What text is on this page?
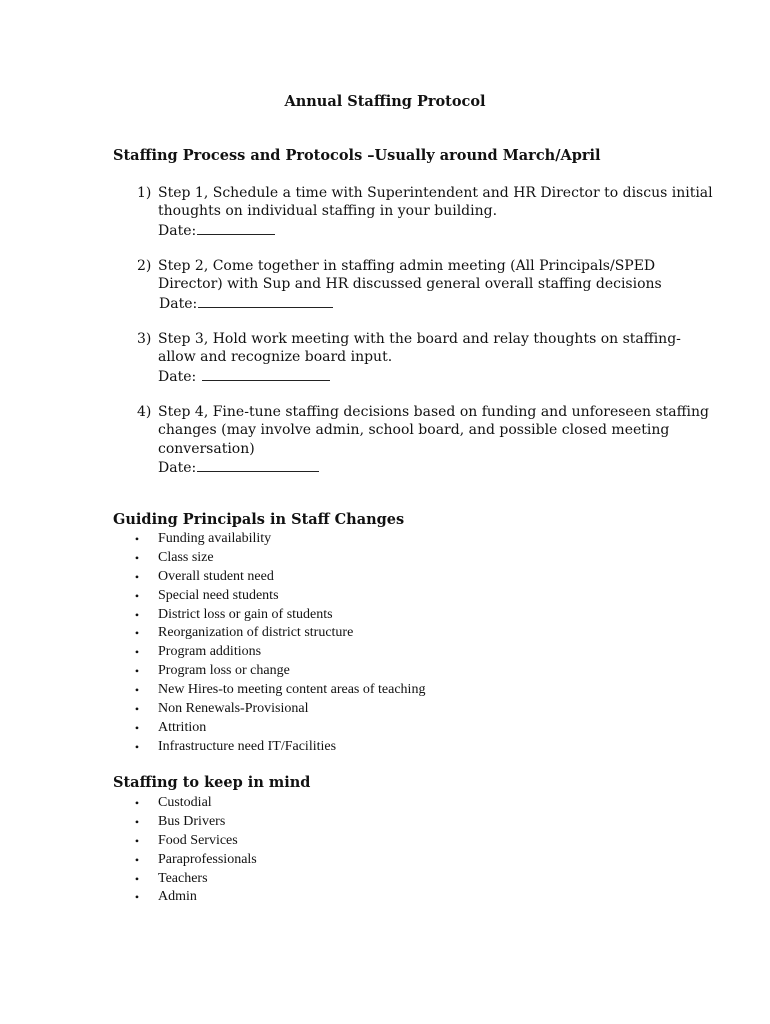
Annual Staffing Protocol
Staffing Process and Protocols –Usually around March/April
1) Step 1, Schedule a time with Superintendent and HR Director to discus initial
thoughts on individual staffing in your building.
Date:
2) Step 2, Come together in staffing admin meeting (All Principals/SPED
Director) with Sup and HR discussed general overall staffing decisions
Date:
3) Step 3, Hold work meeting with the board and relay thoughts on staffing-
allow and recognize board input.
Date:
4) Step 4, Fine-tune staffing decisions based on funding and unforeseen staffing
changes (may involve admin, school board, and possible closed meeting
conversation)
Date:
Guiding Principals in Staff Changes
• Funding availability
• Class size
• Overall student need
• Special need students
• District loss or gain of students
• Reorganization of district structure
• Program additions
• Program loss or change
• New Hires-to meeting content areas of teaching
• Non Renewals-Provisional
• Attrition
• Infrastructure need IT/Facilities
Staffing to keep in mind
• Custodial
• Bus Drivers
• Food Services
• Paraprofessionals
• Teachers
• Admin
